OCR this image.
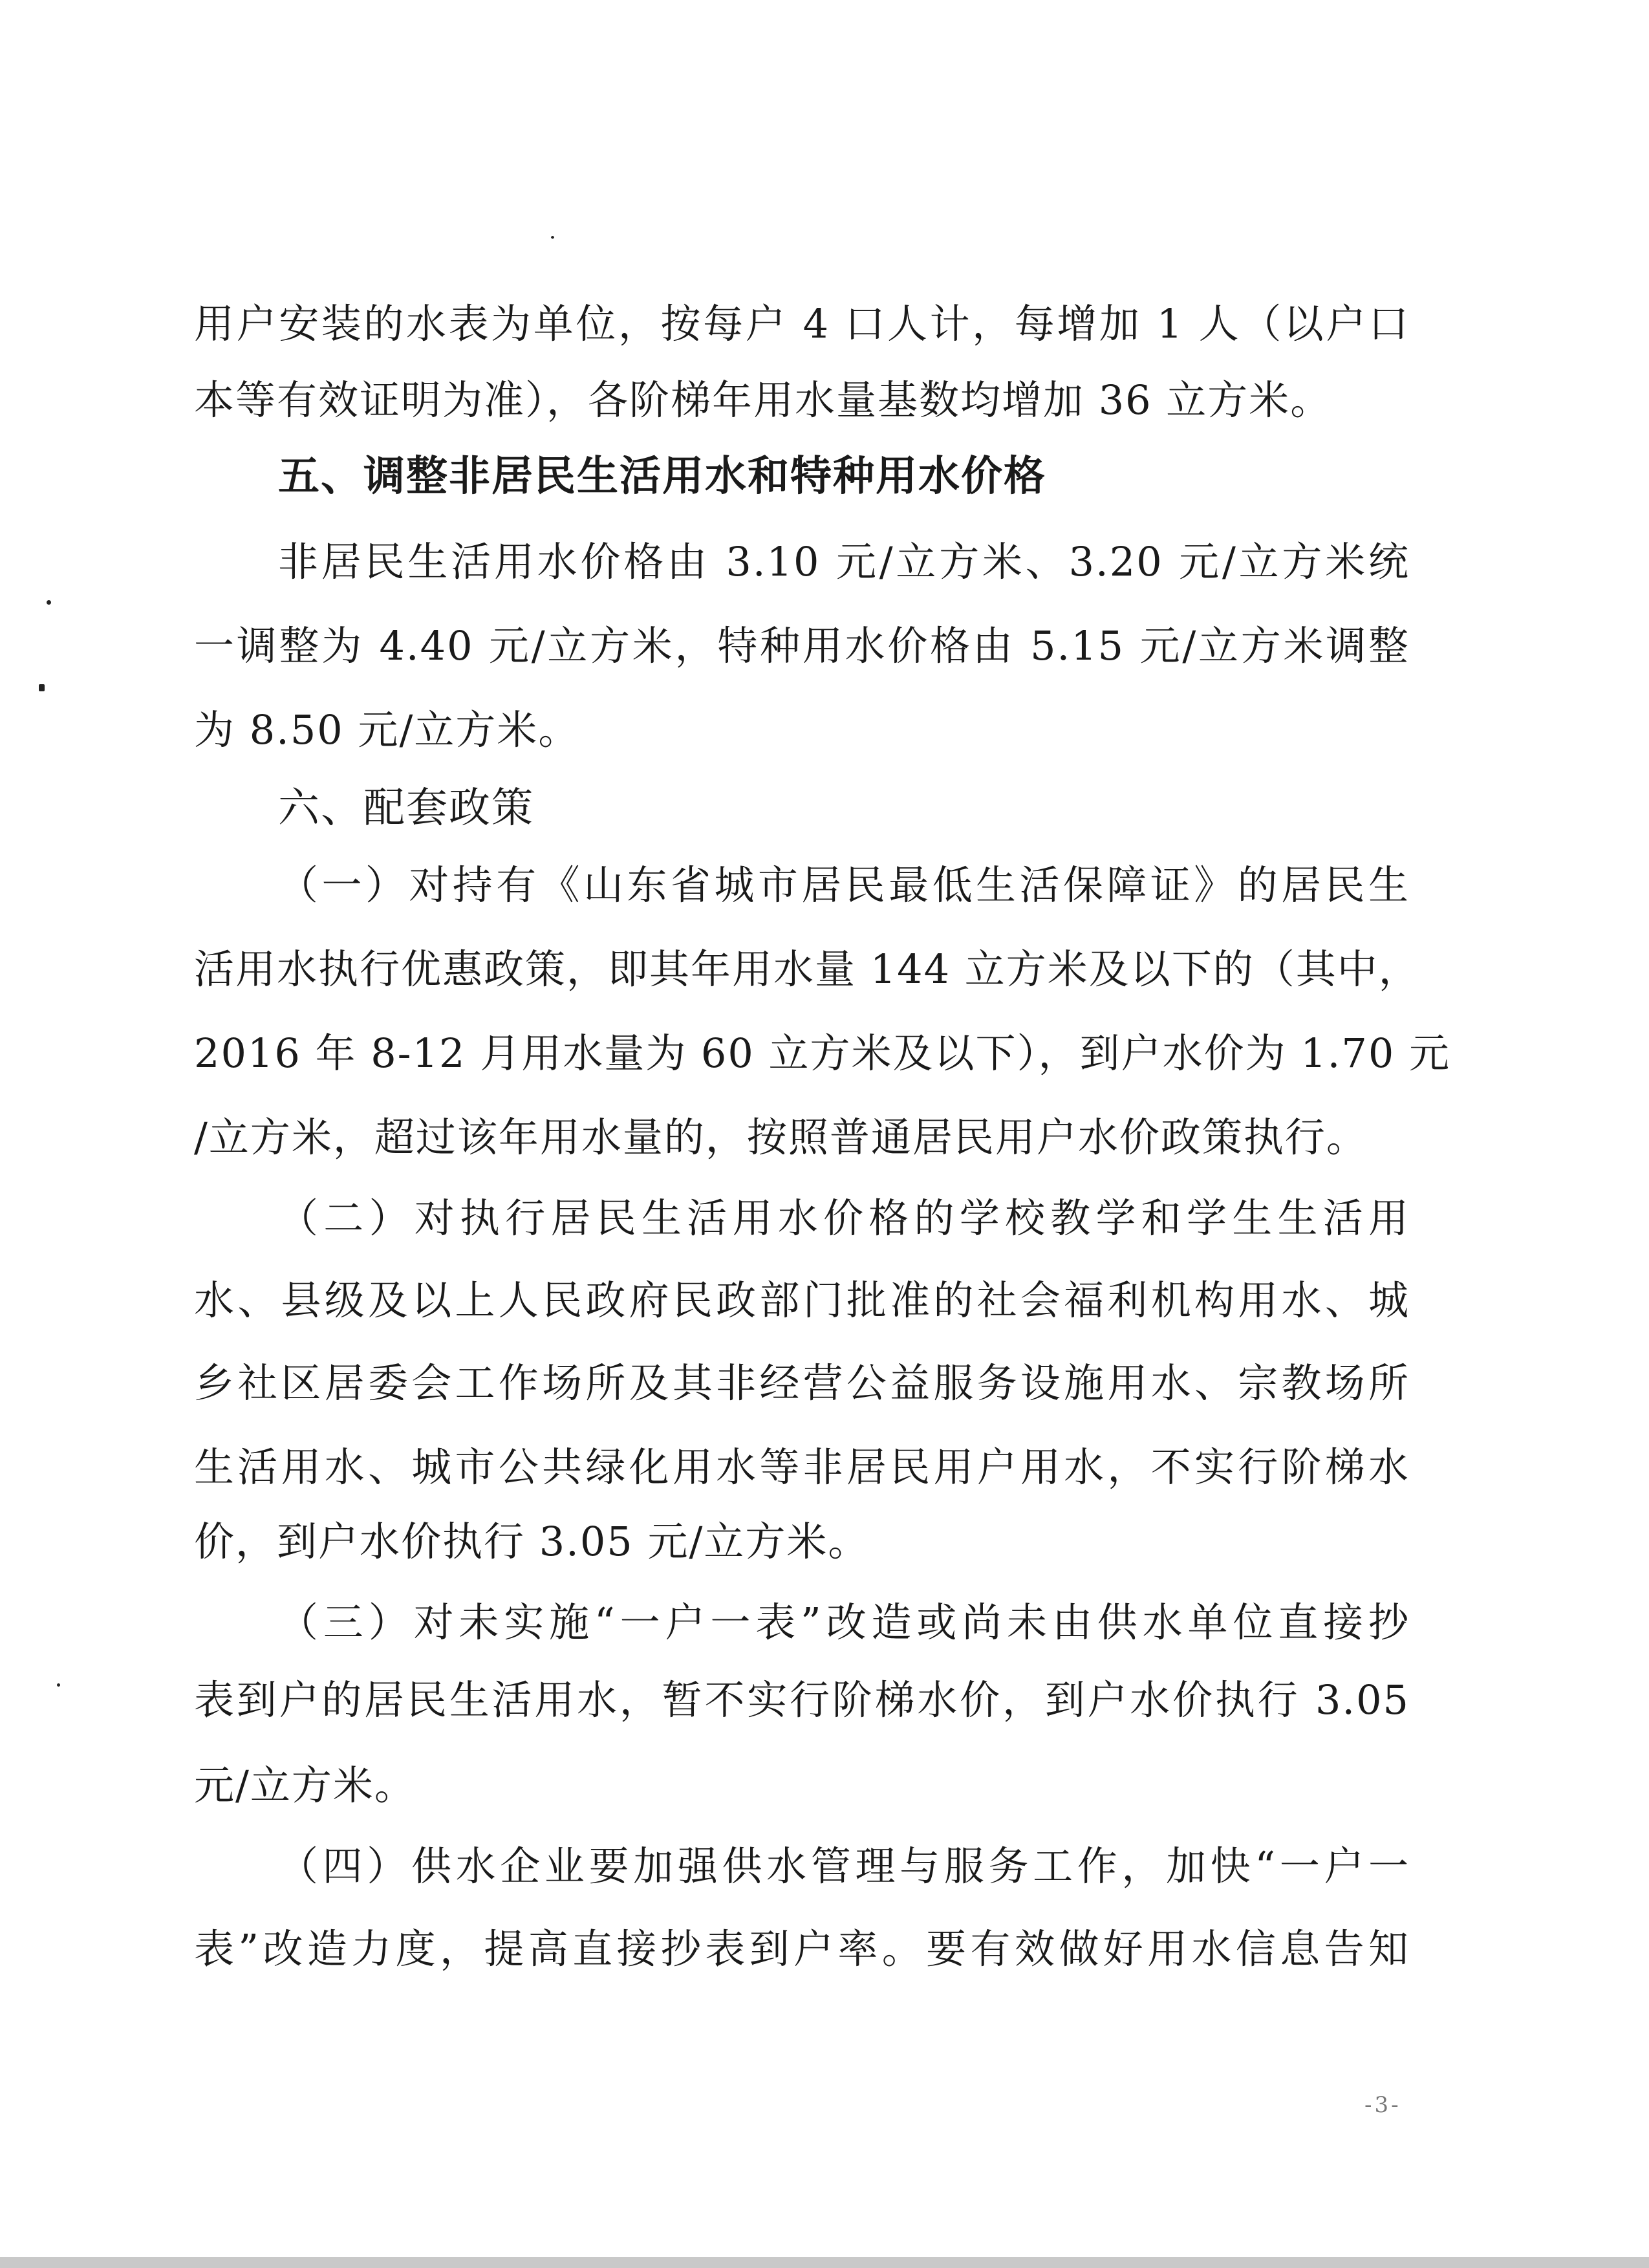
用户安装的水表为单位，按每户 4 口人计，每增加 1 人（以户口
本等有效证明为准），各阶梯年用水量基数均增加 36 立方米。
五、调整非居民生活用水和特种用水价格
非居民生活用水价格由 3.10 元/立方米、3.20 元/立方米统
一调整为 4.40 元/立方米，特种用水价格由 5.15 元/立方米调整
为 8.50 元/立方米。
六、配套政策
（一）对持有《山东省城市居民最低生活保障证》的居民生
活用水执行优惠政策，即其年用水量 144 立方米及以下的（其中，
2016 年 8-12 月用水量为 60 立方米及以下），到户水价为 1.70 元
/立方米，超过该年用水量的，按照普通居民用户水价政策执行。
（二）对执行居民生活用水价格的学校教学和学生生活用
水、县级及以上人民政府民政部门批准的社会福利机构用水、城
乡社区居委会工作场所及其非经营公益服务设施用水、宗教场所
生活用水、城市公共绿化用水等非居民用户用水，不实行阶梯水
价，到户水价执行 3.05 元/立方米。
（三）对未实施“一户一表”改造或尚未由供水单位直接抄
表到户的居民生活用水，暂不实行阶梯水价，到户水价执行 3.05
元/立方米。
（四）供水企业要加强供水管理与服务工作，加快“一户一
表”改造力度，提高直接抄表到户率。要有效做好用水信息告知
-3-
